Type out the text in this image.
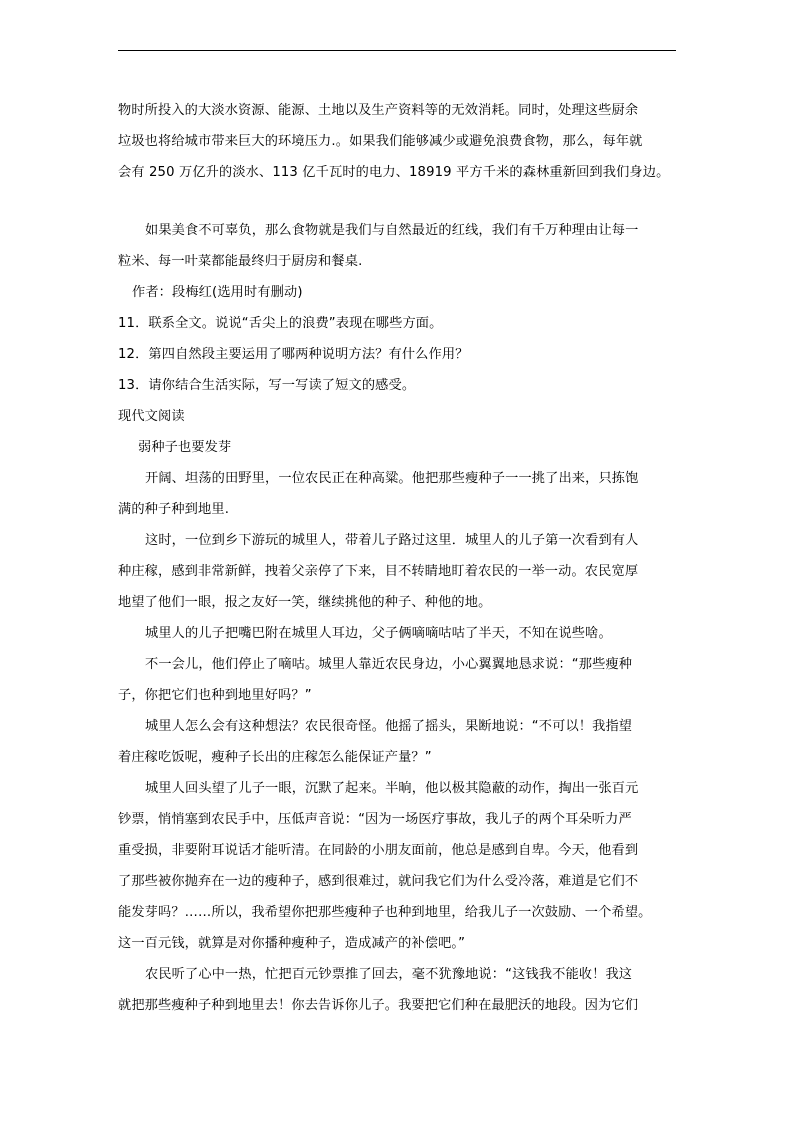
物时所投入的大淡水资源、能源、土地以及生产资料等的无效消耗。同时，处理这些厨余
垃圾也将给城市带来巨大的环境压力.。如果我们能够减少或避免浪费食物，那么，每年就
会有 250 万亿升的淡水、113 亿千瓦时的电力、18919 平方千米的森林重新回到我们身边。
如果美食不可辜负，那么食物就是我们与自然最近的红线，我们有千万种理由让每一
粒米、每一叶菜都能最终归于厨房和餐桌.
作者：段梅红(选用时有删动)
11．联系全文。说说“舌尖上的浪费”表现在哪些方面。
12．第四自然段主要运用了哪两种说明方法？有什么作用？
13．请你结合生活实际，写一写读了短文的感受。
现代文阅读
弱种子也要发芽
开阔、坦荡的田野里，一位农民正在种高粱。他把那些瘦种子一一挑了出来，只拣饱
满的种子种到地里.
这时，一位到乡下游玩的城里人，带着儿子路过这里．城里人的儿子第一次看到有人
种庄稼，感到非常新鲜，拽着父亲停了下来，目不转睛地盯着农民的一举一动。农民宽厚
地望了他们一眼，报之友好一笑，继续挑他的种子、种他的地。
城里人的儿子把嘴巴附在城里人耳边，父子俩嘀嘀咕咕了半天，不知在说些啥。
不一会儿，他们停止了嘀咕。城里人靠近农民身边，小心翼翼地恳求说：“那些瘦种
子，你把它们也种到地里好吗？”
城里人怎么会有这种想法？农民很奇怪。他摇了摇头，果断地说：“不可以！我指望
着庄稼吃饭呢，瘦种子长出的庄稼怎么能保证产量？”
城里人回头望了儿子一眼，沉默了起来。半晌，他以极其隐蔽的动作，掏出一张百元
钞票，悄悄塞到农民手中，压低声音说：“因为一场医疗事故，我儿子的两个耳朵听力严
重受损，非要附耳说话才能听清。在同龄的小朋友面前，他总是感到自卑。今天，他看到
了那些被你抛弃在一边的瘦种子，感到很难过，就问我它们为什么受冷落，难道是它们不
能发芽吗？……所以，我希望你把那些瘦种子也种到地里，给我儿子一次鼓励、一个希望。
这一百元钱，就算是对你播种瘦种子，造成减产的补偿吧。”
农民听了心中一热，忙把百元钞票推了回去，毫不犹豫地说：“这钱我不能收！我这
就把那些瘦种子种到地里去！你去告诉你儿子。我要把它们种在最肥沃的地段。因为它们
